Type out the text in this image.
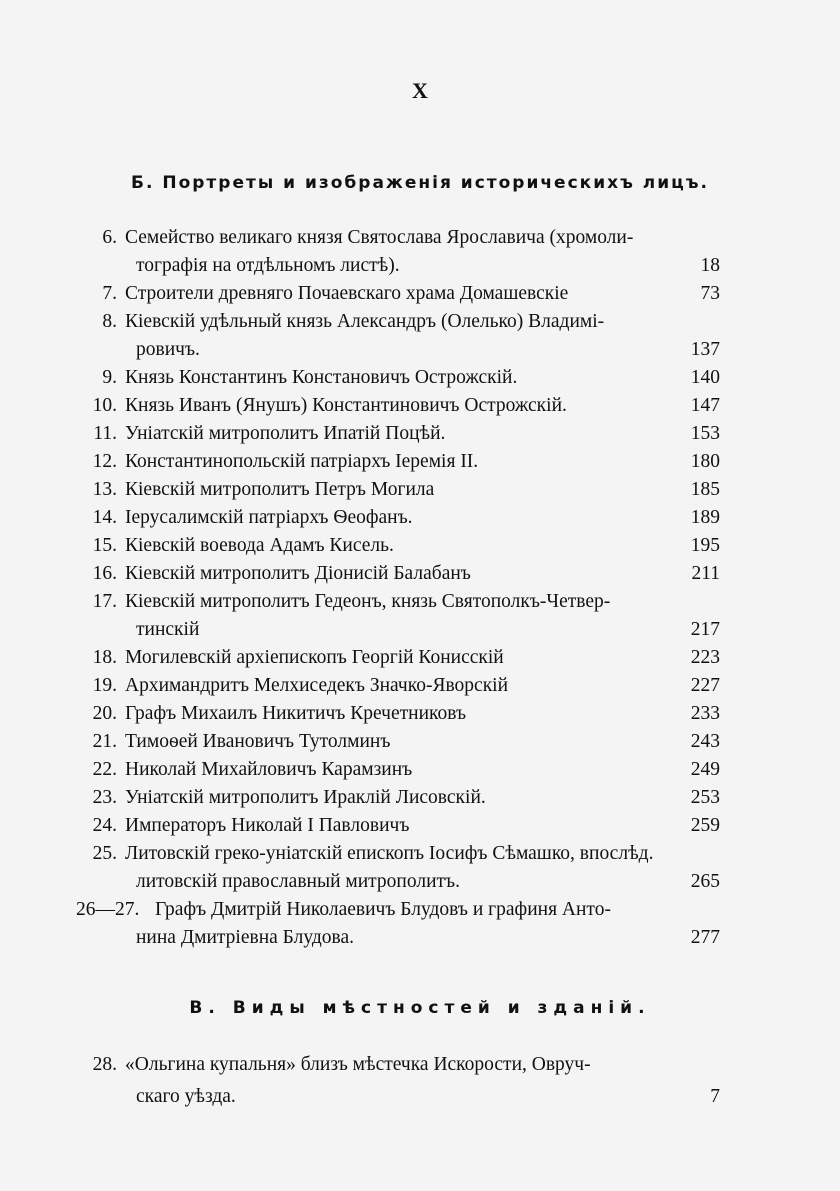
X
Б. Портреты и изображенія историческихъ лицъ.
6. Семейство великаго князя Святослава Ярославича (хромоли-
тографія на отдѣльномъ листѣ).	18
7. Строители древняго Почаевскаго храма Домашевскіе	73
8. Кіевскій удѣльный князь Александръ (Олелько) Владимі-
ровичъ.	137
9. Князь Константинъ Констановичъ Острожскій.	140
10. Князь Иванъ (Янушъ) Константиновичъ Острожскій.	147
11. Уніатскій митрополитъ Ипатій Поцѣй.	153
12. Константинопольскій патріархъ Іеремія II.	180
13. Кіевскій митрополитъ Петръ Могила	185
14. Іерусалимскій патріархъ Ѳеофанъ.	189
15. Кіевскій воевода Адамъ Кисель.	195
16. Кіевскій митрополитъ Діонисій Балабанъ	211
17. Кіевскій митрополитъ Гедеонъ, князь Святополкъ-Четвер-
тинскій	217
18. Могилевскій архіепископъ Георгій Конисскій	223
19. Архимандритъ Мелхиседекъ Значко-Яворскій	227
20. Графъ Михаилъ Никитичъ Кречетниковъ	233
21. Тимоѳей Ивановичъ Тутолминъ	243
22. Николай Михайловичъ Карамзинъ	249
23. Уніатскій митрополитъ Ираклій Лисовскій.	253
24. Императоръ Николай I Павловичъ	259
25. Литовскій греко-уніатскій епископъ Іосифъ Сѣмашко, впослѣд.
литовскій православный митрополитъ.	265
26—27. Графъ Дмитрій Николаевичъ Блудовъ и графиня Анто-
нина Дмитріевна Блудова.	277
В. Виды мѣстностей и зданій.
28. «Ольгина купальня» близъ мѣстечка Искорости, Овруч-
скаго уѣзда.	7
